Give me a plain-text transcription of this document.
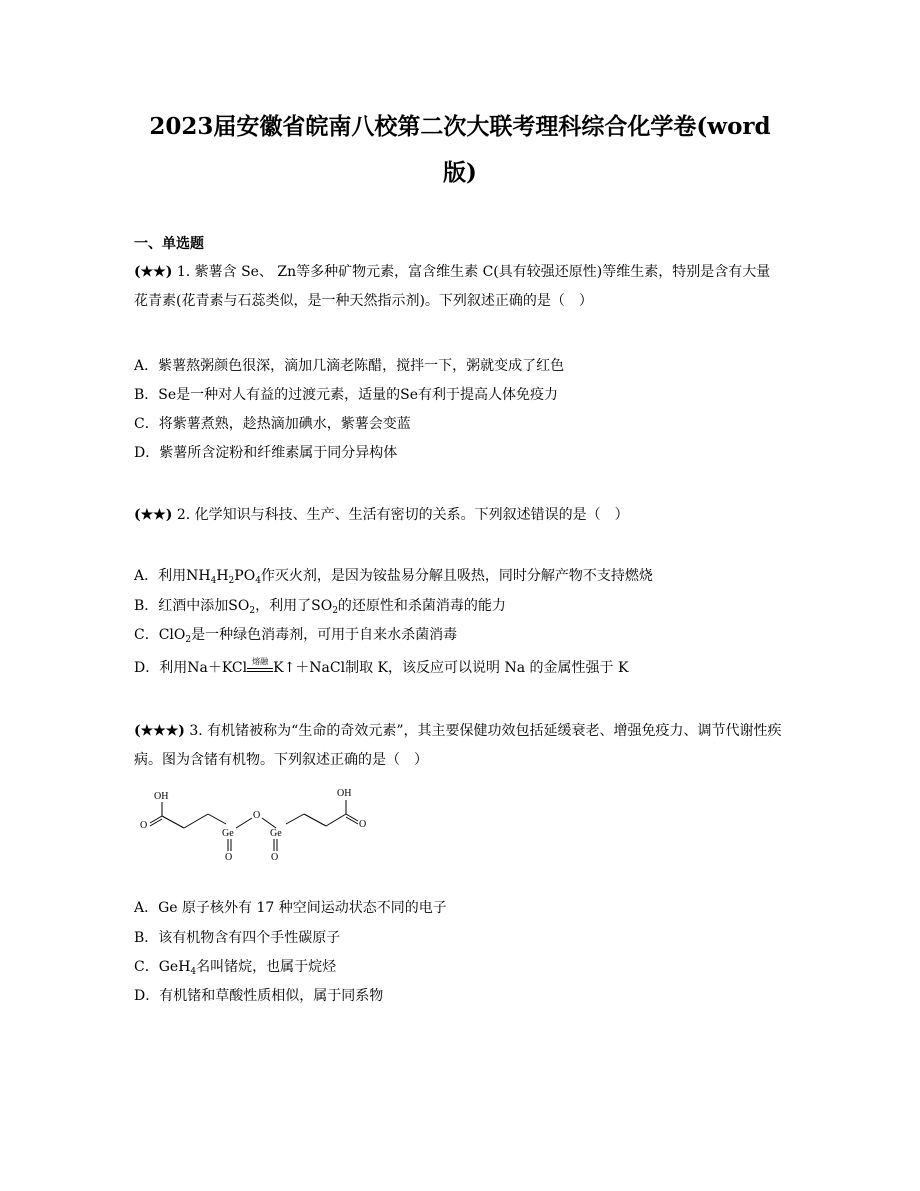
2023届安徽省皖南八校第二次大联考理科综合化学卷(word
版)
一、单选题
(★★) 1. 紫薯含 Se、 Zn等多种矿物元素，富含维生素 C(具有较强还原性)等维生素，特别是含有大量花青素(花青素与石蕊类似，是一种天然指示剂)。下列叙述正确的是（　）
A．紫薯熬粥颜色很深，滴加几滴老陈醋，搅拌一下，粥就变成了红色
B．Se是一种对人有益的过渡元素，适量的Se有利于提高人体免疫力
C．将紫薯煮熟，趁热滴加碘水，紫薯会变蓝
D．紫薯所含淀粉和纤维素属于同分异构体
(★★) 2. 化学知识与科技、生产、生活有密切的关系。下列叙述错误的是（　）
A．利用$NH_4H_2PO_4$作灭火剂，是因为铵盐易分解且吸热，同时分解产物不支持燃烧
B．红酒中添加$SO_2$，利用了$SO_2$的还原性和杀菌消毒的能力
C．ClO$_2$是一种绿色消毒剂，可用于自来水杀菌消毒
D．利用Na＋KCl 熔融 K↑＋NaCl制取 K，该反应可以说明 Na 的金属性强于 K
(★★★) 3. 有机锗被称为“生命的奇效元素”，其主要保健功效包括延缓衰老、增强免疫力、调节代谢性疾病。图为含锗有机物。下列叙述正确的是（　）
OH
O
Ge
O
Ge
OH
O
O	O
A．Ge 原子核外有 17 种空间运动状态不同的电子
B．该有机物含有四个手性碳原子
C．GeH$_4$名叫锗烷，也属于烷烃
D．有机锗和草酸性质相似，属于同系物
